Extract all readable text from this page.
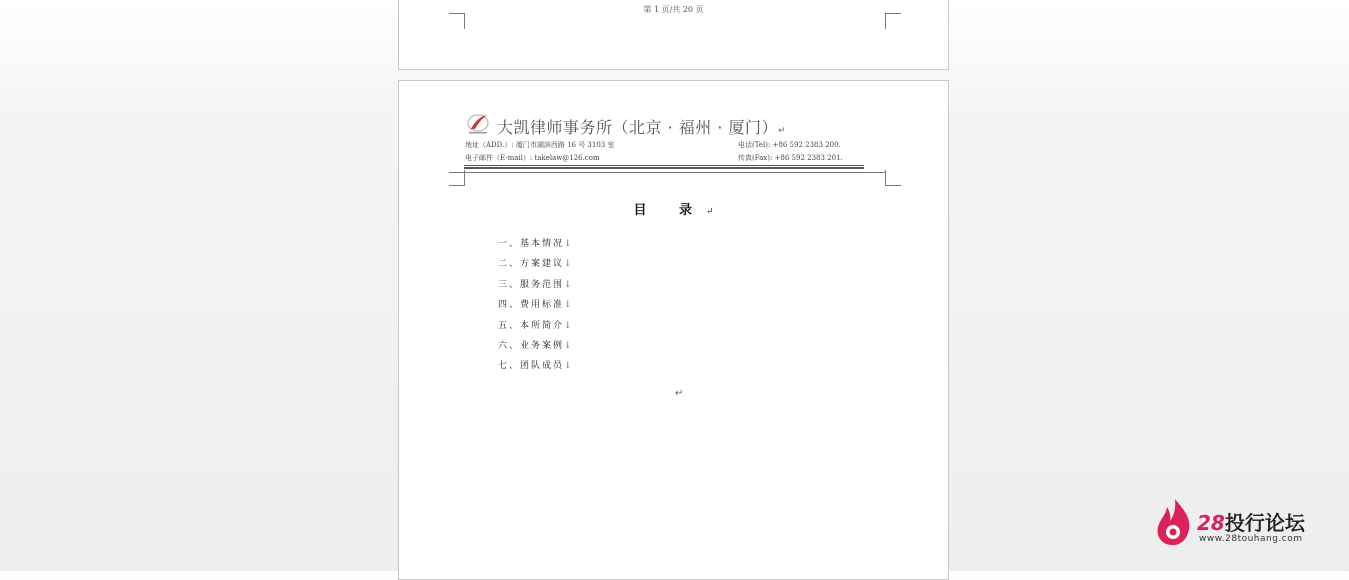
第 1 页/共 20 页
大凯律师事务所（北京 · 福州 · 厦门）↵
地址（ADD.）: 厦门市湖滨西路 16 号 3103 室	电话(Tel): +86 592 2383 200.
电子邮件（E-mail）: takelaw@126.com	传真(Fax): +86 592 2383 201.
目 录↵
一、基本情况↓
二、方案建议↓
三、服务范围↓
四、费用标准↓
五、本所简介↓
六、业务案例↓
七、团队成员↓
↵
28投行论坛
www.28touhang.com
